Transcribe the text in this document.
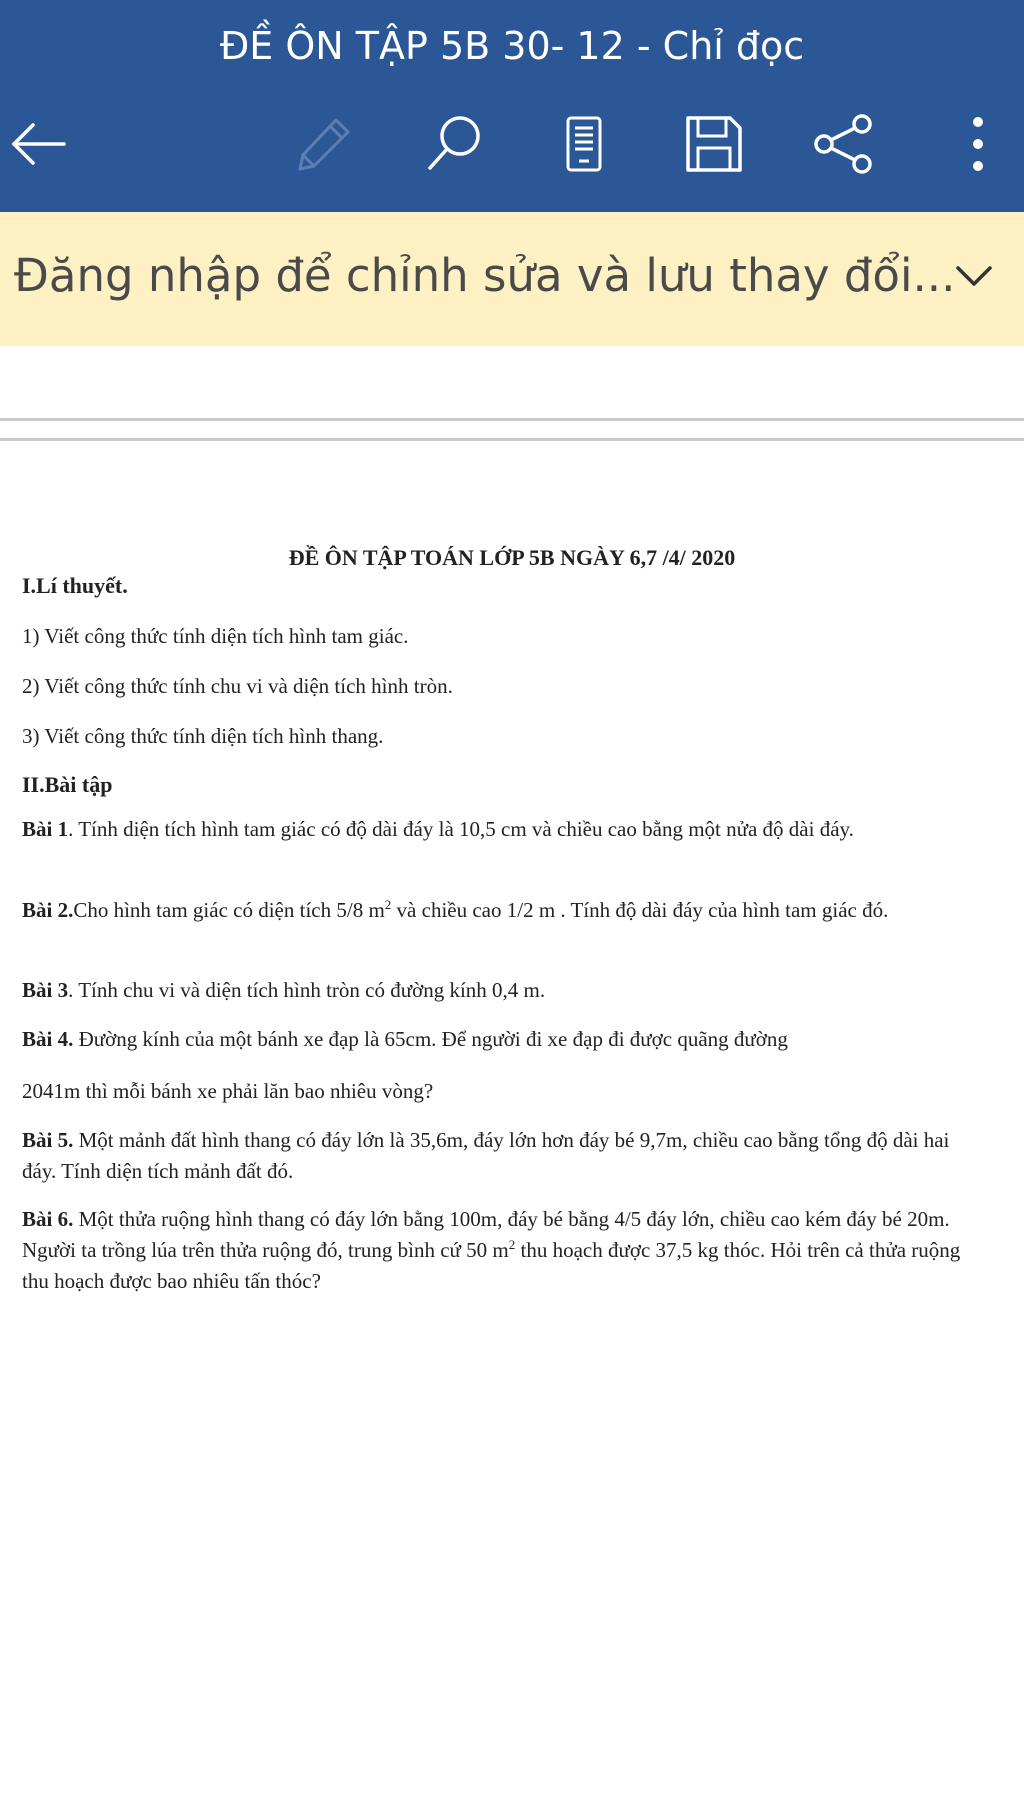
ĐỀ ÔN TẬP 5B 30- 12 - Chỉ đọc
Đăng nhập để chỉnh sửa và lưu thay đổi...
ĐỀ ÔN TẬP TOÁN LỚP 5B NGÀY 6,7 /4/ 2020
I.Lí thuyết.
1) Viết công thức tính diện tích hình tam giác.
2) Viết công thức tính chu vi và diện tích hình tròn.
3) Viết công thức tính diện tích hình thang.
II.Bài tập
Bài 1. Tính diện tích hình tam giác có độ dài đáy là 10,5 cm và chiều cao bằng một nửa độ dài đáy.
Bài 2.Cho hình tam giác có diện tích 5/8 $m^2$ và chiều cao 1/2 m . Tính độ dài đáy của hình tam giác đó.
Bài 3. Tính chu vi và diện tích hình tròn có đường kính 0,4 m.
Bài 4. Đường kính của một bánh xe đạp là 65cm. Để người đi xe đạp đi được quãng đường
2041m thì mỗi bánh xe phải lăn bao nhiêu vòng?
Bài 5. Một mảnh đất hình thang có đáy lớn là 35,6m, đáy lớn hơn đáy bé 9,7m, chiều cao bằng tổng độ dài hai đáy. Tính diện tích mảnh đất đó.
Bài 6. Một thửa ruộng hình thang có đáy lớn bằng 100m, đáy bé bằng 4/5 đáy lớn, chiều cao kém đáy bé 20m. Người ta trồng lúa trên thửa ruộng đó, trung bình cứ 50 $m^2$ thu hoạch được 37,5 kg thóc. Hỏi trên cả thửa ruộng thu hoạch được bao nhiêu tấn thóc?
